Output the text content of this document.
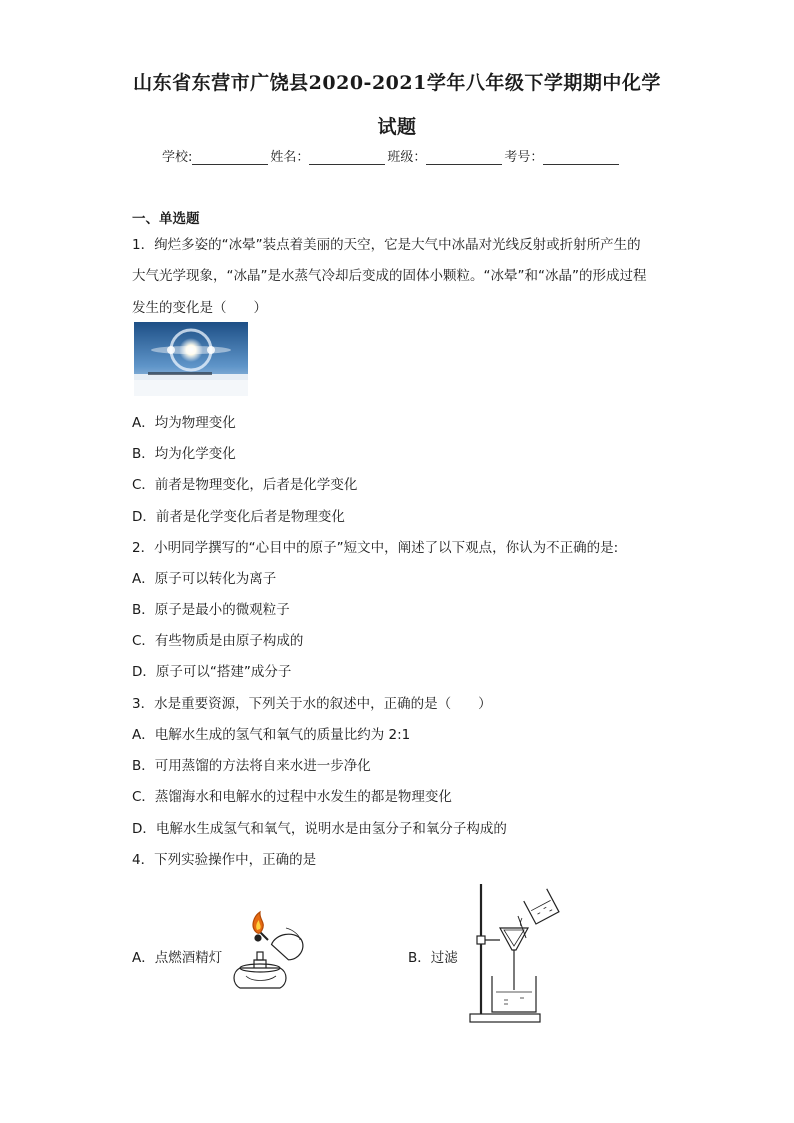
山东省东营市广饶县2020-2021学年八年级下学期期中化学
试题
学校:	姓名：	班级：	考号：
一、单选题
1．绚烂多姿的“冰晕”装点着美丽的天空，它是大气中冰晶对光线反射或折射所产生的
大气光学现象，“冰晶”是水蒸气冷却后变成的固体小颗粒。“冰晕”和“冰晶”的形成过程
发生的变化是（　　）
A．均为物理变化
B．均为化学变化
C．前者是物理变化，后者是化学变化
D．前者是化学变化后者是物理变化
2．小明同学撰写的“心目中的原子”短文中，阐述了以下观点，你认为不正确的是:
A．原子可以转化为离子
B．原子是最小的微观粒子
C．有些物质是由原子构成的
D．原子可以“搭建”成分子
3．水是重要资源，下列关于水的叙述中，正确的是（　　）
A．电解水生成的氢气和氧气的质量比约为 2:1
B．可用蒸馏的方法将自来水进一步净化
C．蒸馏海水和电解水的过程中水发生的都是物理变化
D．电解水生成氢气和氧气，说明水是由氢分子和氧分子构成的
4．下列实验操作中，正确的是
A．点燃酒精灯	B．过滤
